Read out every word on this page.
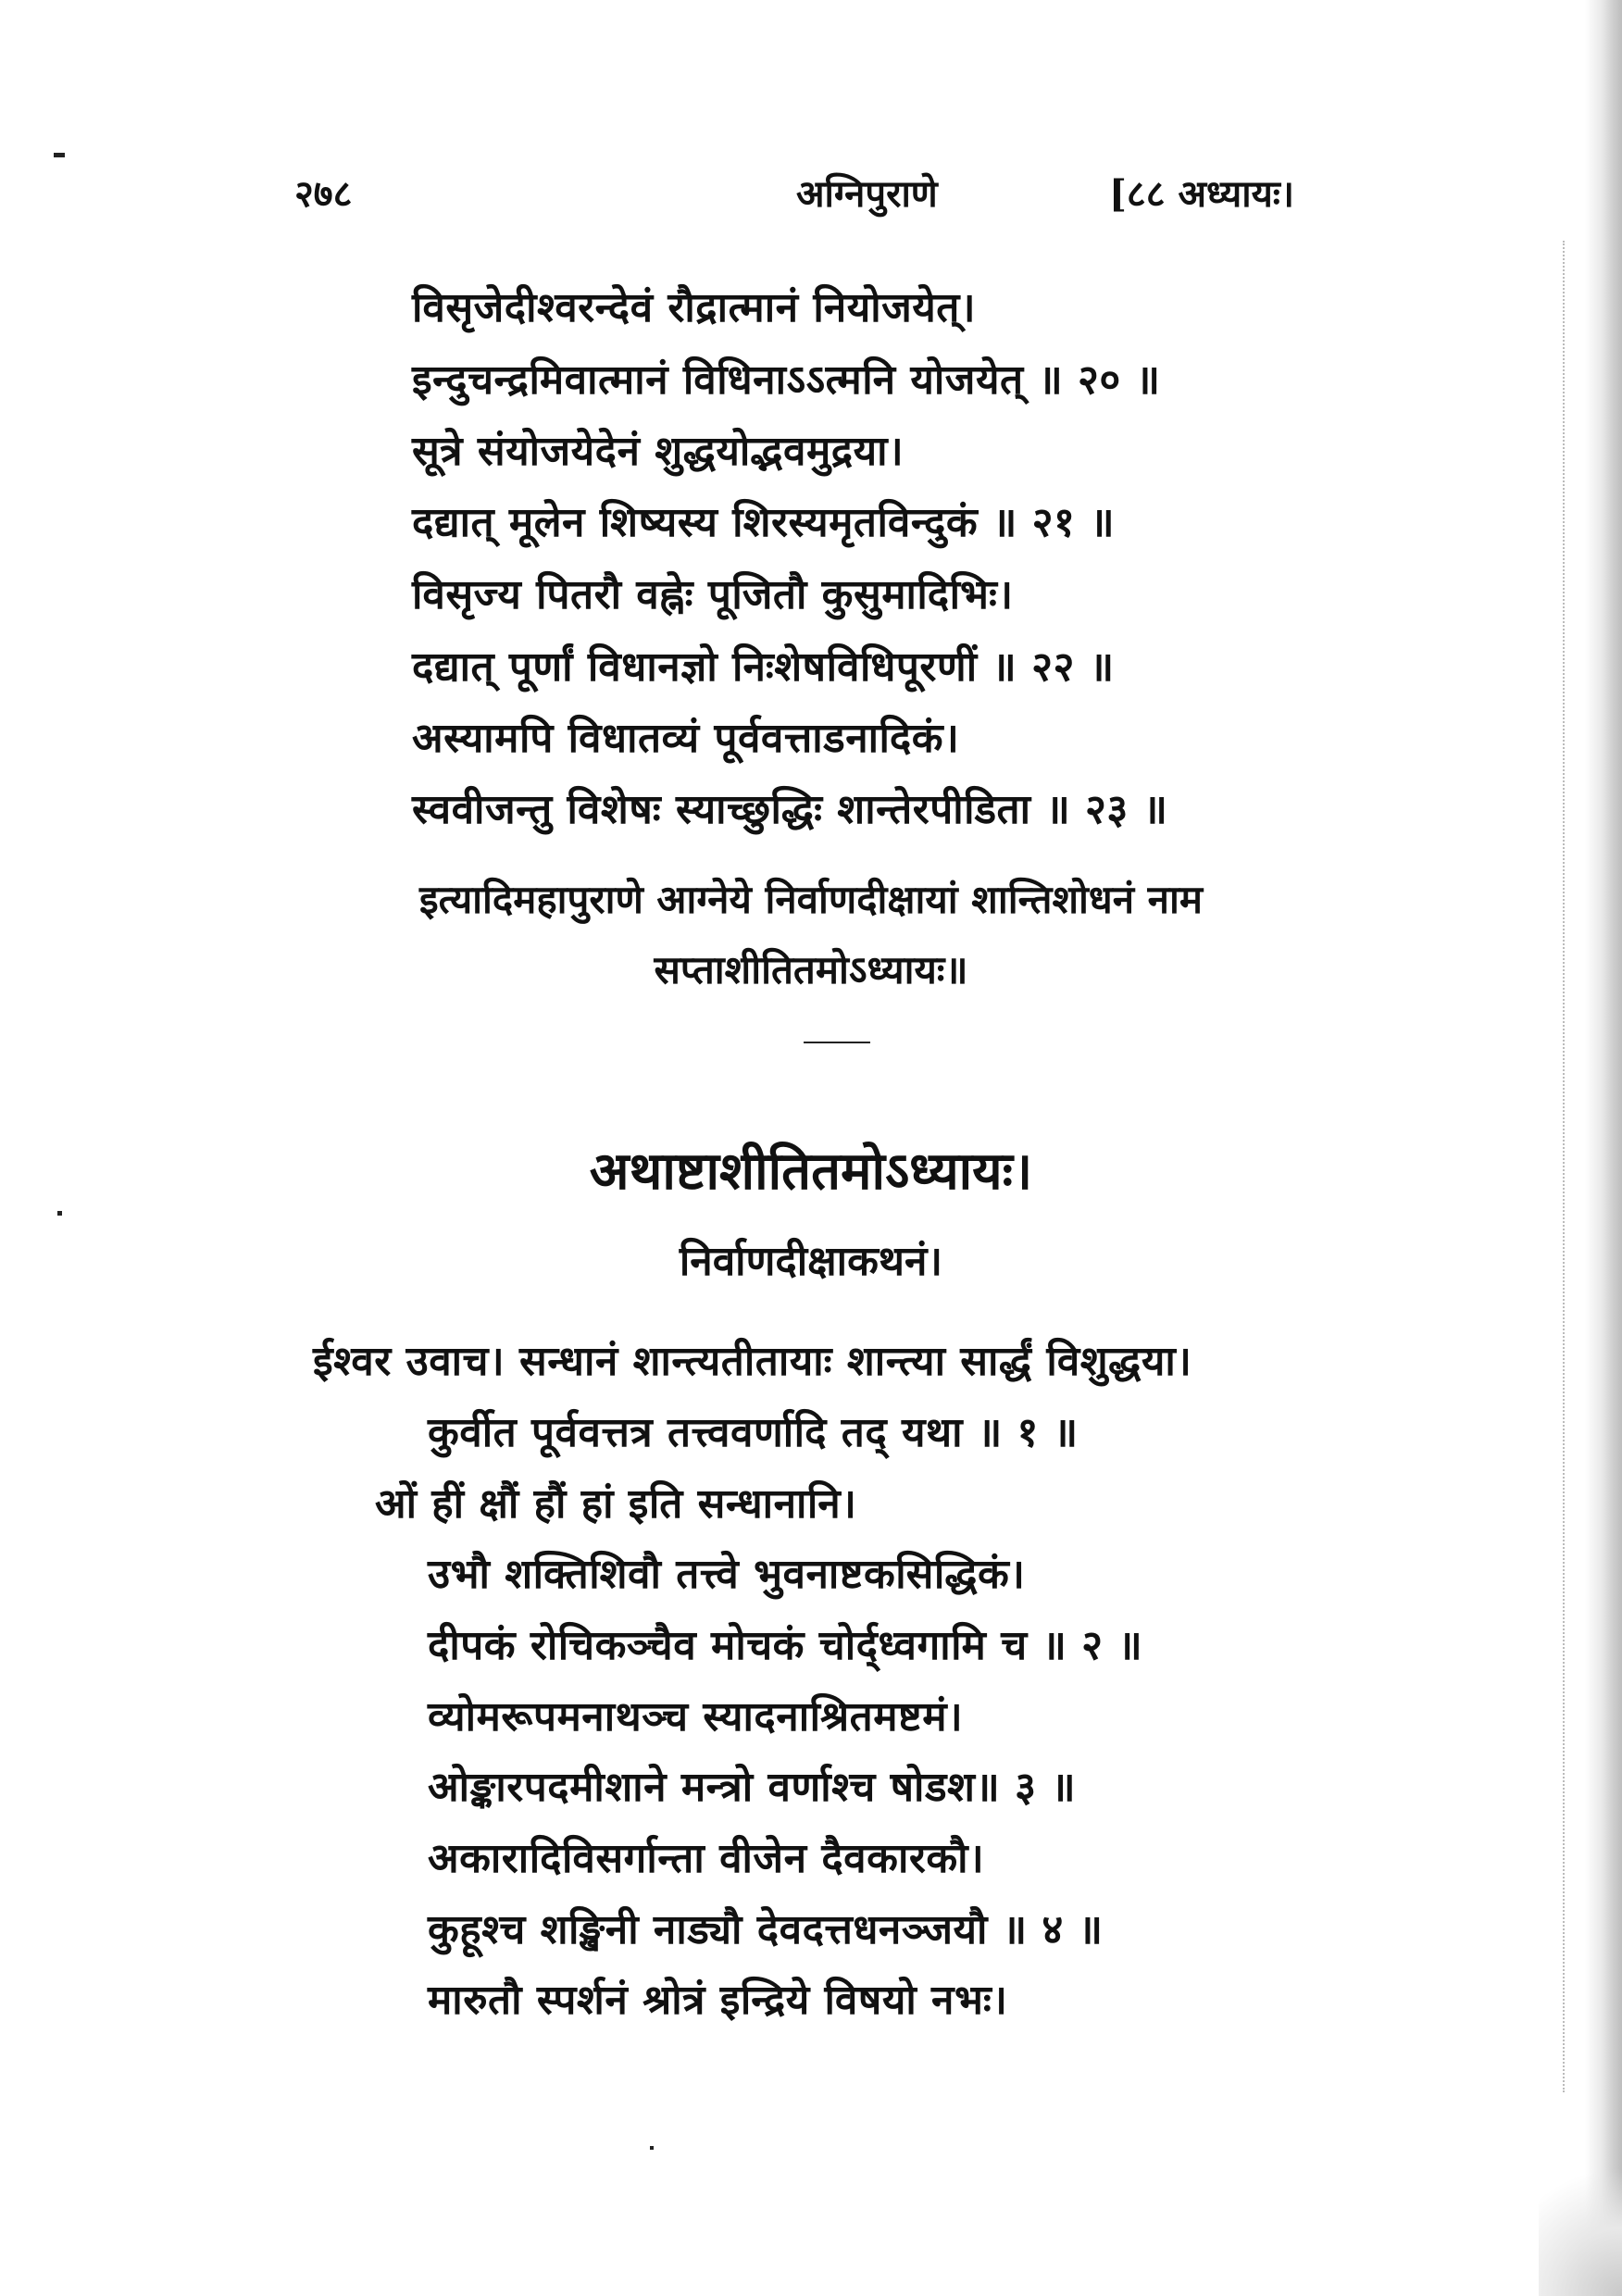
२७८	अग्निपुराणे	[८८ अध्यायः।
विसृजेदीश्वरन्देवं रौद्रात्मानं नियोजयेत्।
इन्दुचन्द्रमिवात्मानं विधिनाऽऽत्मनि योजयेत् ॥ २० ॥
सूत्रे संयोजयेदेनं शुद्धयोद्भवमुद्रया।
दद्यात् मूलेन शिष्यस्य शिरस्यमृतविन्दुकं ॥ २१ ॥
विसृज्य पितरौ वह्नेः पूजितौ कुसुमादिभिः।
दद्यात् पूर्णां विधानज्ञो निःशेषविधिपूरणीं ॥ २२ ॥
अस्यामपि विधातव्यं पूर्ववत्ताडनादिकं।
स्ववीजन्तु विशेषः स्याच्छुद्धिः शान्तेरपीडिता ॥ २३ ॥
इत्यादिमहापुराणे आग्नेये निर्वाणदीक्षायां शान्तिशोधनं नाम
सप्ताशीतितमोऽध्यायः॥
अथाष्टाशीतितमोऽध्यायः।
निर्वाणदीक्षाकथनं।
ईश्वर उवाच। सन्धानं शान्त्यतीतायाः शान्त्या सार्द्धं विशुद्धया।
कुर्वीत पूर्ववत्तत्र तत्त्ववर्णादि तद् यथा ॥ १ ॥
ओं हीं क्षौं हौं हां इति सन्धानानि।
उभौ शक्तिशिवौ तत्त्वे भुवनाष्टकसिद्धिकं।
दीपकं रोचिकञ्चैव मोचकं चोर्द्ध्वगामि च ॥ २ ॥
व्योमरूपमनाथञ्च स्यादनाश्रितमष्टमं।
ओङ्कारपदमीशाने मन्त्रो वर्णाश्च षोडश॥ ३ ॥
अकारादिविसर्गान्ता वीजेन दैवकारकौ।
कुहूश्च शङ्खिनी नाड्यौ देवदत्तधनञ्जयौ ॥ ४ ॥
मारुतौ स्पर्शनं श्रोत्रं इन्द्रिये विषयो नभः।
